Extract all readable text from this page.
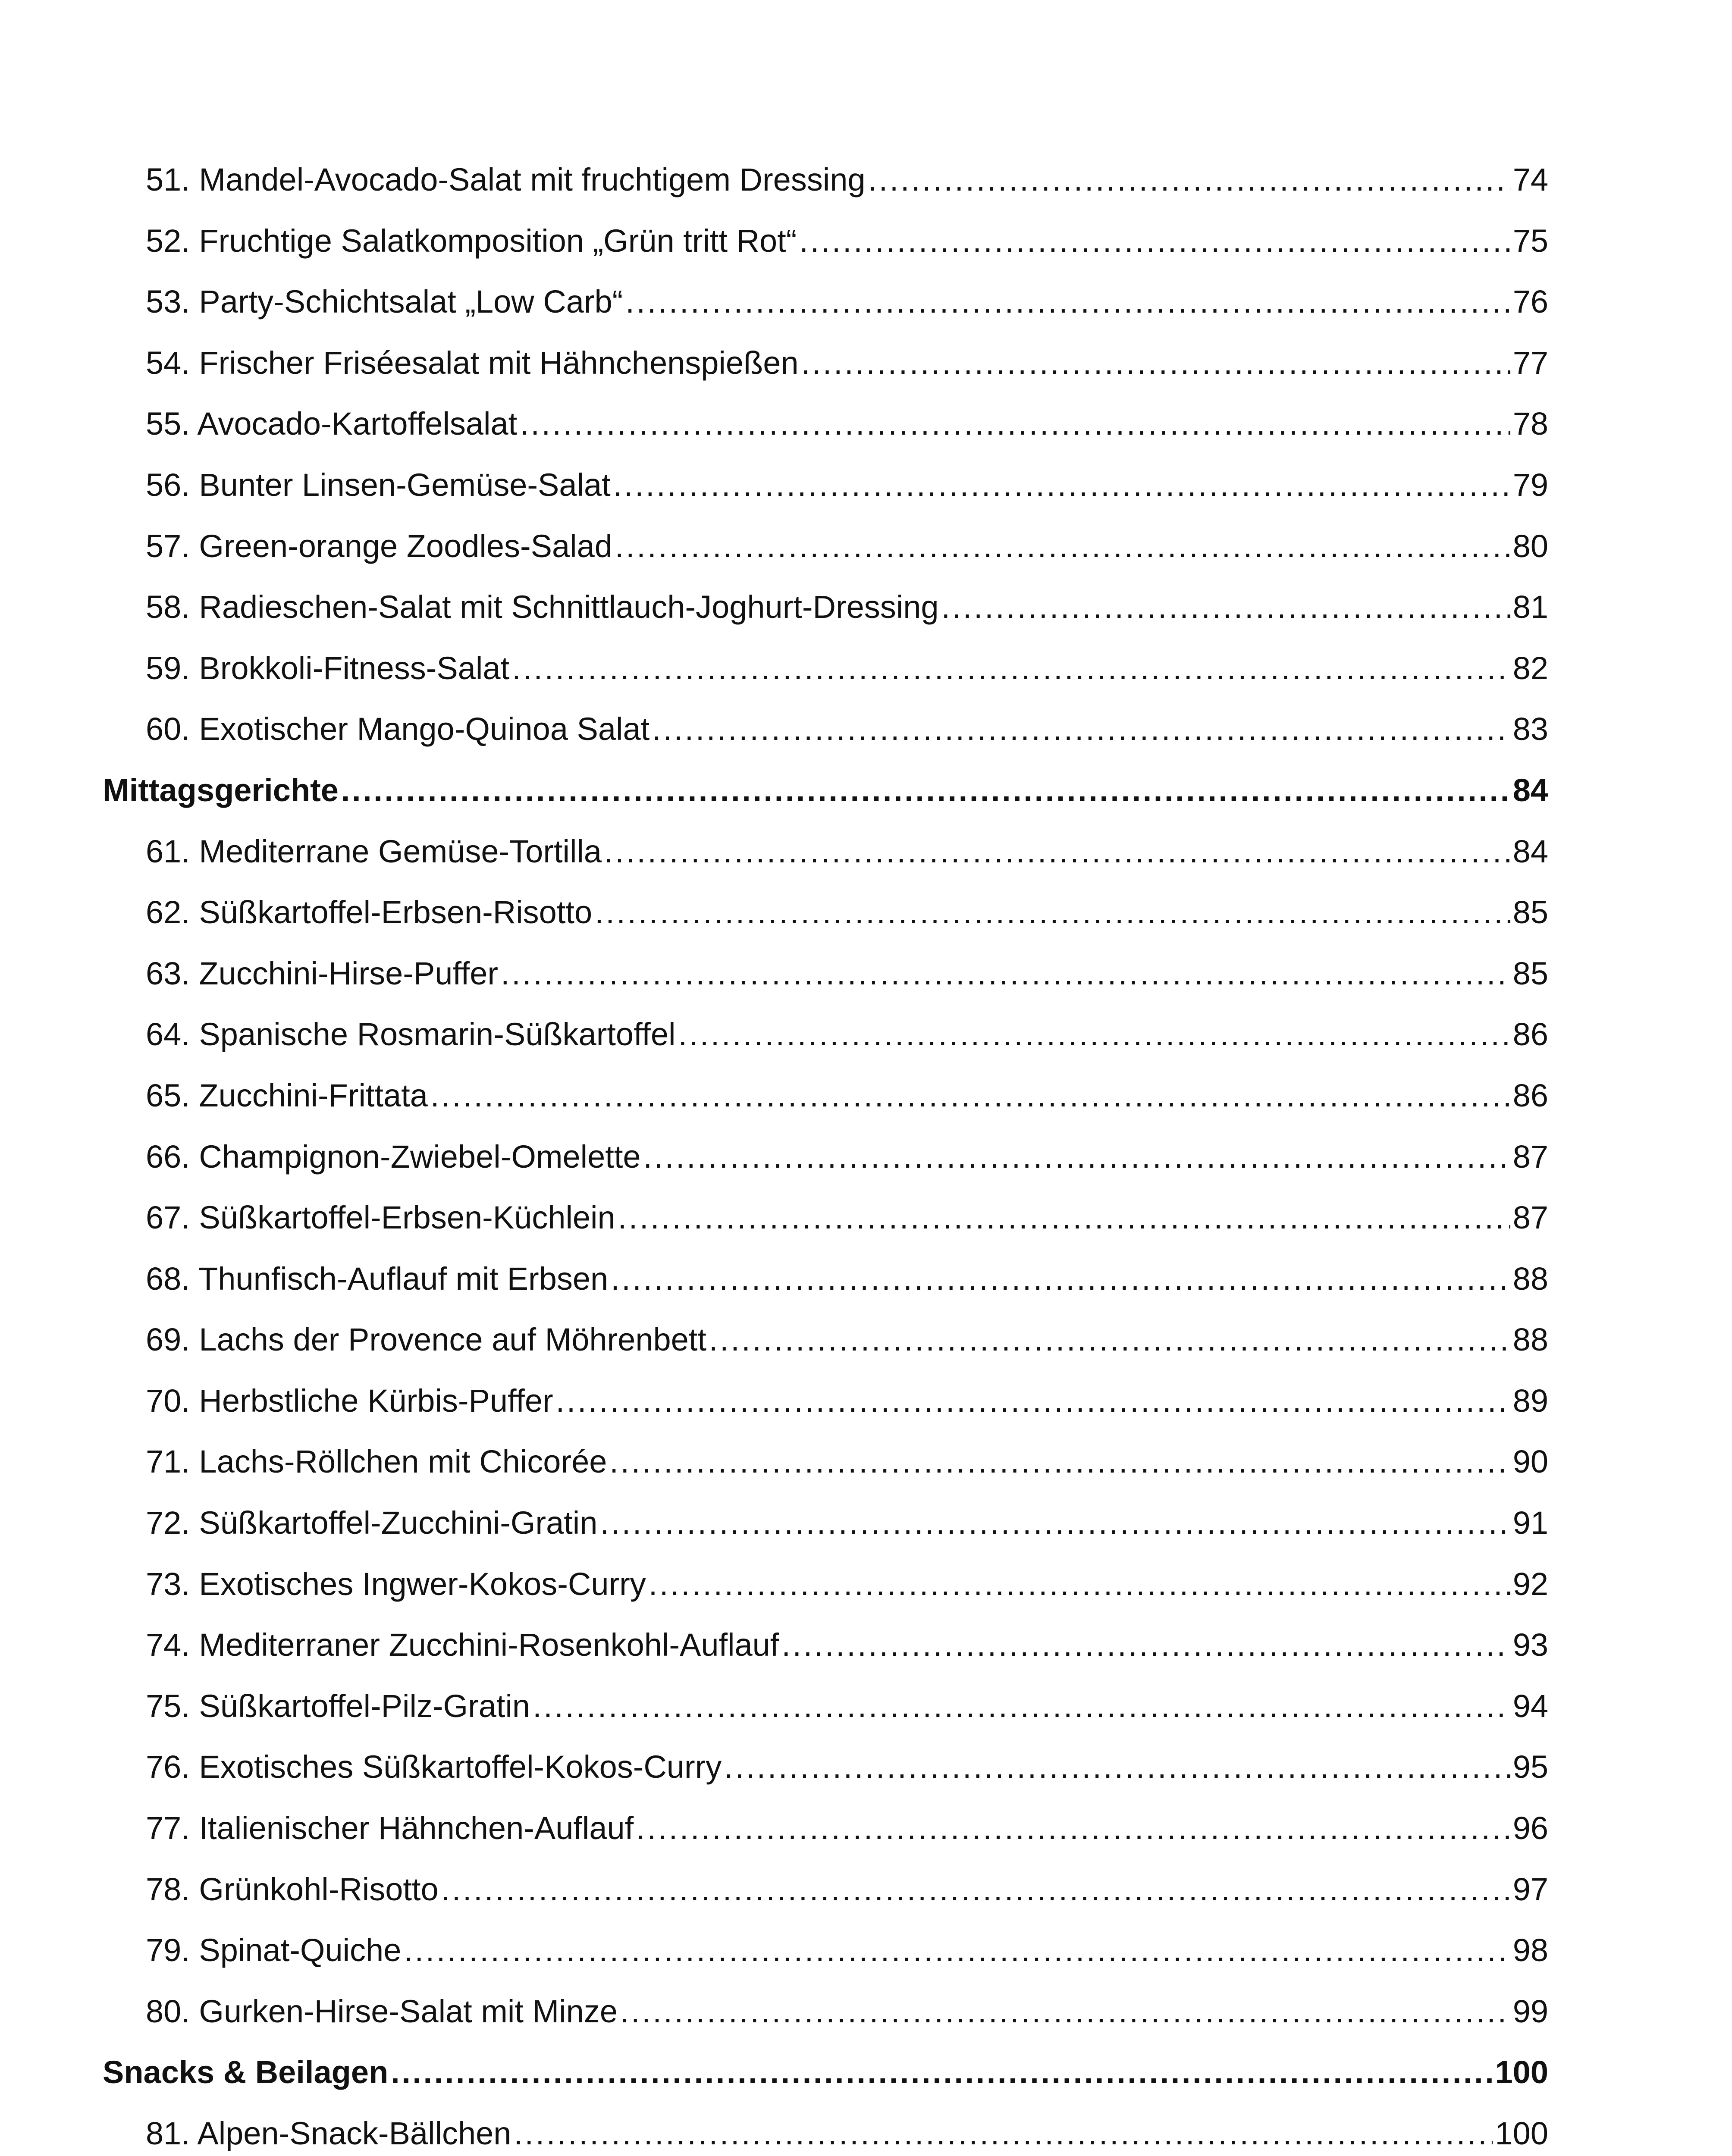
51. Mandel-Avocado-Salat mit fruchtigem Dressing . . .	74
52. Fruchtige Salatkomposition „Grün tritt Rot“ . . .	75
53. Party-Schichtsalat „Low Carb“ . . .	76
54. Frischer Friséesalat mit Hähnchenspießen . . .	77
55. Avocado-Kartoffelsalat . . .	78
56. Bunter Linsen-Gemüse-Salat . . .	79
57. Green-orange Zoodles-Salad . . .	80
58. Radieschen-Salat mit Schnittlauch-Joghurt-Dressing . . .	81
59. Brokkoli-Fitness-Salat . . .	82
60. Exotischer Mango-Quinoa Salat . . .	83
Mittagsgerichte . . .	84
61. Mediterrane Gemüse-Tortilla . . .	84
62. Süßkartoffel-Erbsen-Risotto . . .	85
63. Zucchini-Hirse-Puffer . . .	85
64. Spanische Rosmarin-Süßkartoffel . . .	86
65. Zucchini-Frittata . . .	86
66. Champignon-Zwiebel-Omelette . . .	87
67. Süßkartoffel-Erbsen-Küchlein . . .	87
68. Thunfisch-Auflauf mit Erbsen . . .	88
69. Lachs der Provence auf Möhrenbett . . .	88
70. Herbstliche Kürbis-Puffer . . .	89
71. Lachs-Röllchen mit Chicorée . . .	90
72. Süßkartoffel-Zucchini-Gratin . . .	91
73. Exotisches Ingwer-Kokos-Curry . . .	92
74. Mediterraner Zucchini-Rosenkohl-Auflauf . . .	93
75. Süßkartoffel-Pilz-Gratin . . .	94
76. Exotisches Süßkartoffel-Kokos-Curry . . .	95
77. Italienischer Hähnchen-Auflauf . . .	96
78. Grünkohl-Risotto . . .	97
79. Spinat-Quiche . . .	98
80. Gurken-Hirse-Salat mit Minze . . .	99
Snacks & Beilagen . . .	100
81. Alpen-Snack-Bällchen . . .	100
